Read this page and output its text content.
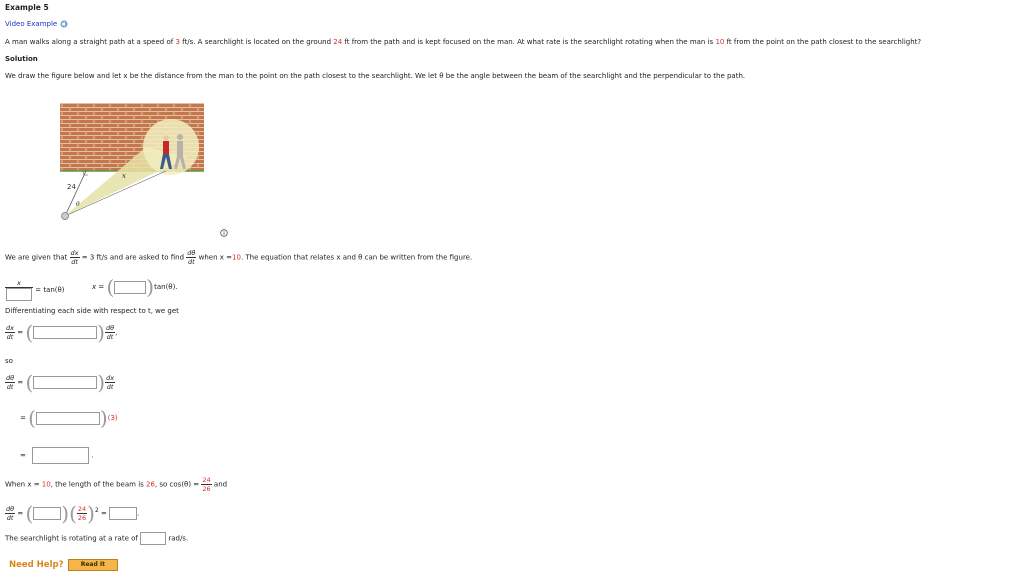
Example 5
Video Example
A man walks along a straight path at a speed of 3 ft/s. A searchlight is located on the ground 24 ft from the path and is kept focused on the man. At what rate is the searchlight rotating when the man is 10 ft from the point on the path closest to the searchlight?
Solution
We draw the figure below and let x be the distance from the man to the point on the path closest to the searchlight. We let θ be the angle between the beam of the searchlight and the perpendicular to the path.
24
x
θ
We are given that $\frac{dx}{dt} = 3$ ft/s and are asked to find $\frac{d\theta}{dt}$ when x =10. The equation that relates x and θ can be written from the figure.
x
= tan(θ)	x = ( )tan(θ).
Differentiating each side with respect to t, we get
$\frac{dx}{dt}$ = (	) $\frac{d\theta}{dt}$ ,
so
$\frac{d\theta}{dt}$ = (	) $\frac{dx}{dt}$
= (	)(3)
=	.
When x = 10, the length of the beam is 26, so $\cos(\theta) = \frac{24}{26}$ and
$\frac{d\theta}{dt}$ = ( )( $\frac{24}{26} )^2$ =	.
The searchlight is rotating at a rate of	rad/s.
Need Help?	Read It
